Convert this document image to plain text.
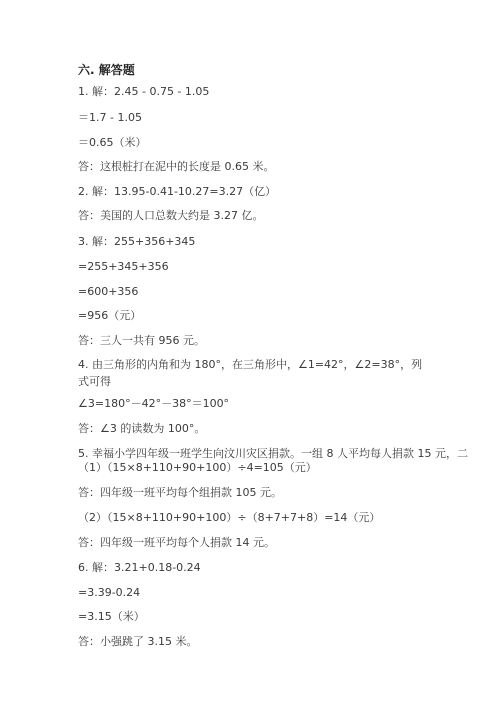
六. 解答题
1. 解：2.45 - 0.75 - 1.05
＝1.7 - 1.05
＝0.65（米）
答：这根桩打在泥中的长度是 0.65 米。
2. 解：13.95-0.41-10.27=3.27（亿）
答：美国的人口总数大约是 3.27 亿。
3. 解：255+356+345
=255+345+356
=600+356
=956（元）
答：三人一共有 956 元。
4. 由三角形的内角和为 180°，在三角形中，∠1=42°，∠2=38°，列式可得
∠3=180°－42°－38°＝100°
答：∠3 的读数为 100°。
5. 幸福小学四年级一班学生向汶川灾区捐款。一组 8 人平均每人捐款 15 元，二
（1）（15×8+110+90+100）÷4=105（元）
答：四年级一班平均每个组捐款 105 元。
（2）（15×8+110+90+100）÷（8+7+7+8）=14（元）
答：四年级一班平均每个人捐款 14 元。
6. 解：3.21+0.18-0.24
=3.39-0.24
=3.15（米）
答：小强跳了 3.15 米。
